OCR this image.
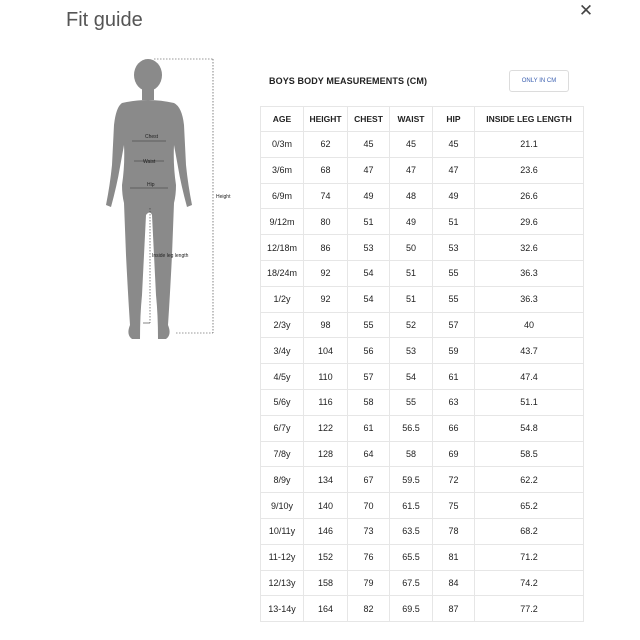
Fit guide	✕
Chest
Waist
Hip
Inside leg length
Height
BOYS BODY MEASUREMENTS (CM)	ONLY IN CM
AGE	HEIGHT	CHEST	WAIST	HIP	INSIDE LEG LENGTH
0/3m	62	45	45	45	21.1
3/6m	68	47	47	47	23.6
6/9m	74	49	48	49	26.6
9/12m	80	51	49	51	29.6
12/18m	86	53	50	53	32.6
18/24m	92	54	51	55	36.3
1/2y	92	54	51	55	36.3
2/3y	98	55	52	57	40
3/4y	104	56	53	59	43.7
4/5y	110	57	54	61	47.4
5/6y	116	58	55	63	51.1
6/7y	122	61	56.5	66	54.8
7/8y	128	64	58	69	58.5
8/9y	134	67	59.5	72	62.2
9/10y	140	70	61.5	75	65.2
10/11y	146	73	63.5	78	68.2
11-12y	152	76	65.5	81	71.2
12/13y	158	79	67.5	84	74.2
13-14y	164	82	69.5	87	77.2
